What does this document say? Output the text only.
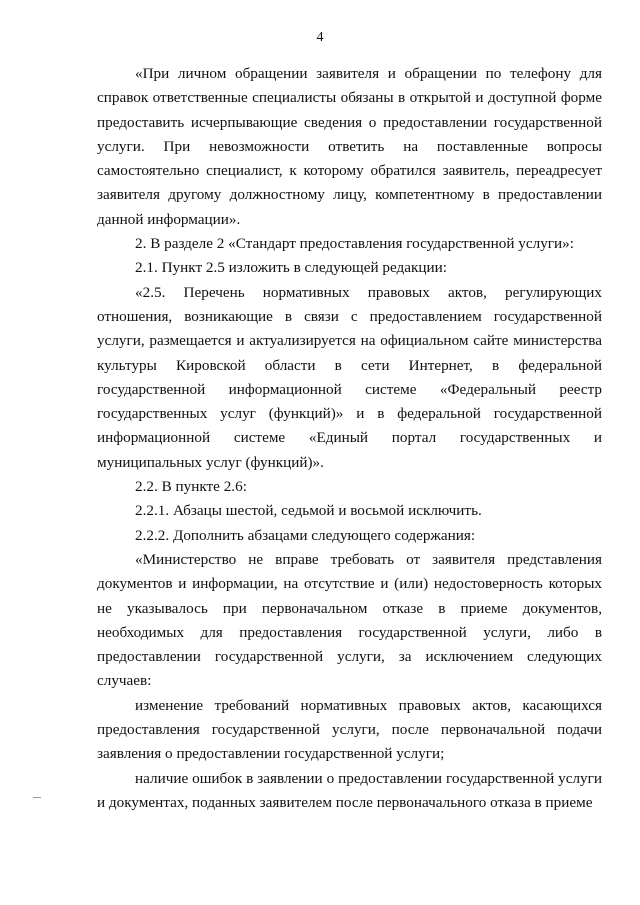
4

«При личном обращении заявителя и обращении по телефону для справок ответственные специалисты обязаны в открытой и доступной форме предоставить исчерпывающие сведения о предоставлении государственной услуги. При невозможности ответить на поставленные вопросы самостоятельно специалист, к которому обратился заявитель, переадресует заявителя другому должностному лицу, компетентному в предоставлении данной информации».

2. В разделе 2 «Стандарт предоставления государственной услуги»:

2.1. Пункт 2.5 изложить в следующей редакции:

«2.5. Перечень нормативных правовых актов, регулирующих отношения, возникающие в связи с предоставлением государственной услуги, размещается и актуализируется на официальном сайте министерства культуры Кировской области в сети Интернет, в федеральной государственной информационной системе «Федеральный реестр государственных услуг (функций)» и в федеральной государственной информационной системе «Единый портал государственных и муниципальных услуг (функций)».

2.2. В пункте 2.6:

2.2.1. Абзацы шестой, седьмой и восьмой исключить.

2.2.2. Дополнить абзацами следующего содержания:

«Министерство не вправе требовать от заявителя представления документов и информации, на отсутствие и (или) недостоверность которых не указывалось при первоначальном отказе в приеме документов, необходимых для предоставления государственной услуги, либо в предоставлении государственной услуги, за исключением следующих случаев:

изменение требований нормативных правовых актов, касающихся предоставления государственной услуги, после первоначальной подачи заявления о предоставлении государственной услуги;

наличие ошибок в заявлении о предоставлении государственной услуги и документах, поданных заявителем после первоначального отказа в приеме
